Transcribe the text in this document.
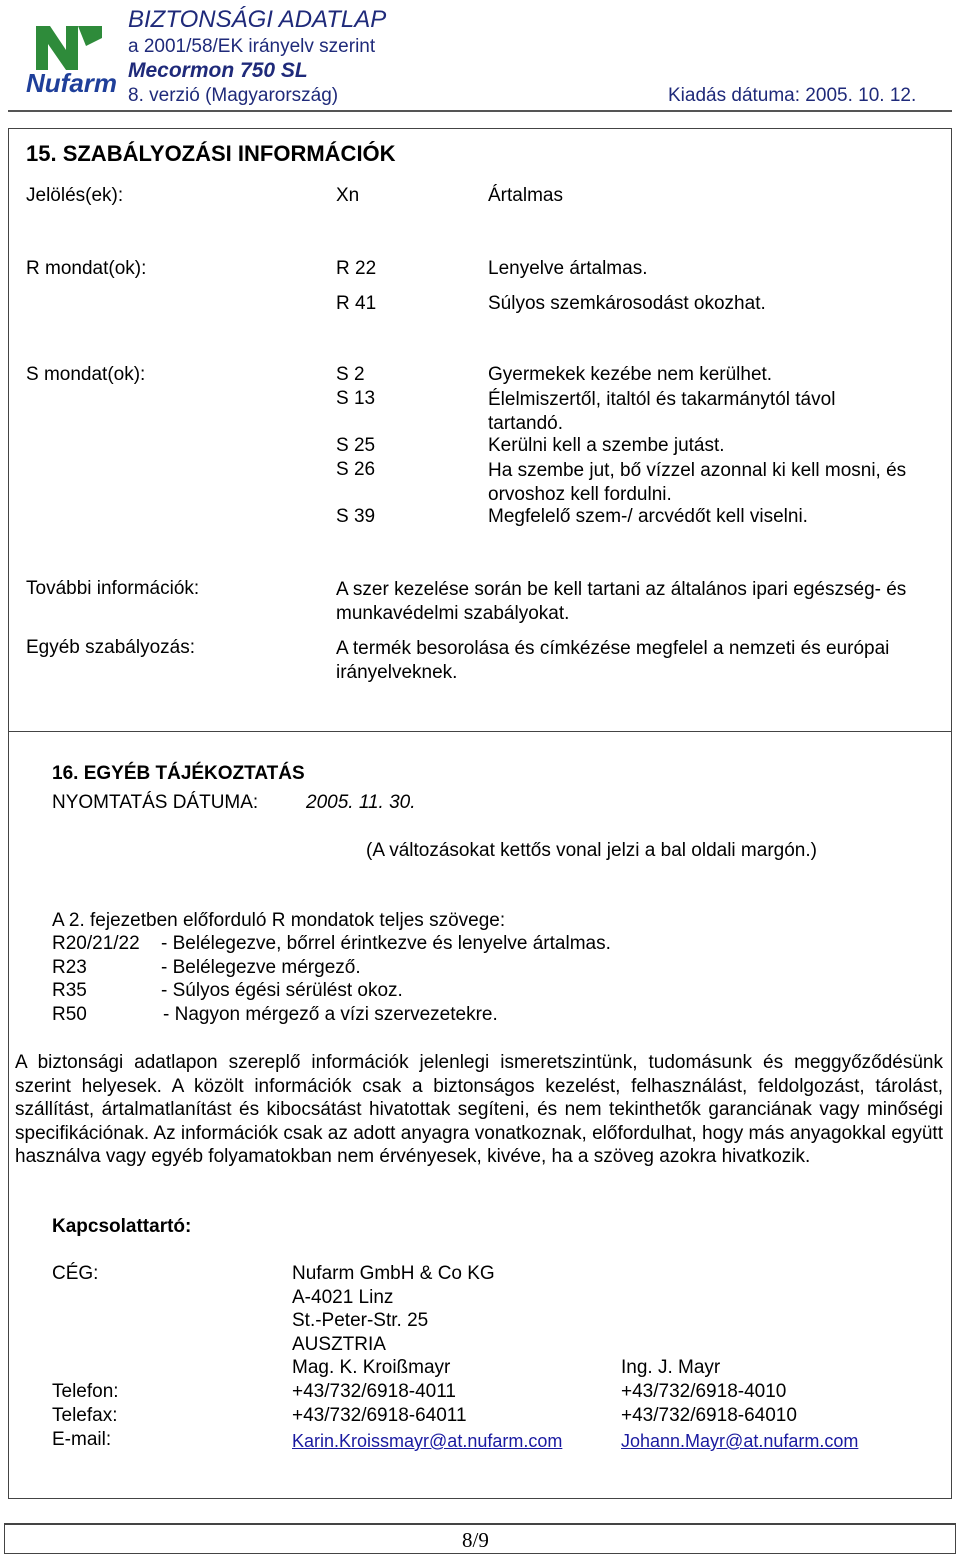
Nufarm
BIZTONSÁGI ADATLAP
a 2001/58/EK irányelv szerint
Mecormon 750 SL
8. verzió (Magyarország)	Kiadás dátuma: 2005. 10. 12.
15. SZABÁLYOZÁSI INFORMÁCIÓK
Jelölés(ek):	Xn	Ártalmas
R mondat(ok):	R 22	Lenyelve ártalmas.
R 41	Súlyos szemkárosodást okozhat.
S mondat(ok):	S 2	Gyermekek kezébe nem kerülhet.
S 13	Élelmiszertől, italtól és takarmánytól távol tartandó.
S 25	Kerülni kell a szembe jutást.
S 26	Ha szembe jut, bő vízzel azonnal ki kell mosni, és orvoshoz kell fordulni.
S 39	Megfelelő szem-/ arcvédőt kell viselni.
További információk:	A szer kezelése során be kell tartani az általános ipari egészség- és munkavédelmi szabályokat.
Egyéb szabályozás:	A termék besorolása és címkézése megfelel a nemzeti és európai irányelveknek.
16. EGYÉB TÁJÉKOZTATÁS
NYOMTATÁS DÁTUMA:	2005. 11. 30.
(A változásokat kettős vonal jelzi a bal oldali margón.)
A 2. fejezetben előforduló R mondatok teljes szövege:
R20/21/22 - Belélegezve, bőrrel érintkezve és lenyelve ártalmas.
R23	- Belélegezve mérgező.
R35	- Súlyos égési sérülést okoz.
R50	- Nagyon mérgező a vízi szervezetekre.
A biztonsági adatlapon szereplő információk jelenlegi ismeretszintünk, tudomásunk és meggyőződésünk szerint helyesek. A közölt információk csak a biztonságos kezelést, felhasználást, feldolgozást, tárolást, szállítást, ártalmatlanítást és kibocsátást hivatottak segíteni, és nem tekinthetők garanciának vagy minőségi specifikációnak. Az információk csak az adott anyagra vonatkoznak, előfordulhat, hogy más anyagokkal együtt használva vagy egyéb folyamatokban nem érvényesek, kivéve, ha a szöveg azokra hivatkozik.
Kapcsolattartó:
CÉG:	Nufarm GmbH & Co KG
A-4021 Linz
St.-Peter-Str. 25
AUSZTRIA
Mag. K. Kroißmayr	Ing. J. Mayr
Telefon:	+43/732/6918-4011	+43/732/6918-4010
Telefax:	+43/732/6918-64011	+43/732/6918-64010
E-mail:	Karin.Kroissmayr@at.nufarm.com	Johann.Mayr@at.nufarm.com
8/9
